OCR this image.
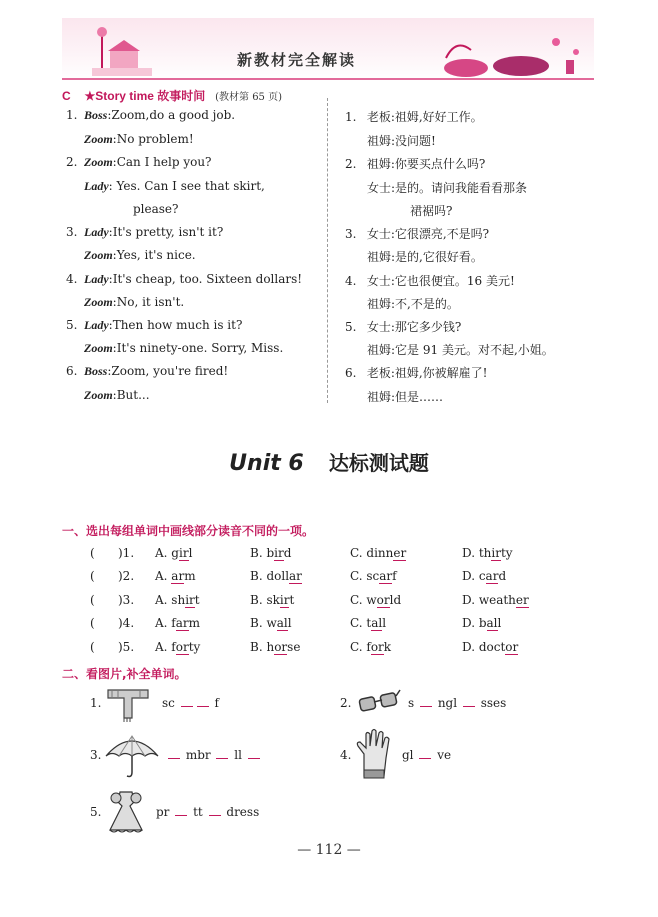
新教材完全解读
C ★Story time 故事时间 (教材第 65 页)
1. Boss:Zoom,do a good job.
Zoom:No problem!
2. Zoom:Can I help you?
Lady: Yes. Can I see that skirt,
please?
3. Lady:It's pretty, isn't it?
Zoom:Yes, it's nice.
4. Lady:It's cheap, too. Sixteen dollars!
Zoom:No, it isn't.
5. Lady:Then how much is it?
Zoom:It's ninety-one. Sorry, Miss.
6. Boss:Zoom, you're fired!
Zoom:But...
1. 老板:祖姆,好好工作。
祖姆:没问题!
2. 祖姆:你要买点什么吗?
女士:是的。请问我能看看那条
裙裾吗?
3. 女士:它很漂亮,不是吗?
祖姆:是的,它很好看。
4. 女士:它也很便宜。16 美元!
祖姆:不,不是的。
5. 女士:那它多少钱?
祖姆:它是 91 美元。对不起,小姐。
6. 老板:祖姆,你被解雇了!
祖姆:但是……
Unit 6 达标测试题
一、选出每组单词中画线部分读音不同的一项。
( )1. A. girl	B. bird	C. dinner	D. thirty
( )2. A. arm	B. dollar	C. scarf	D. card
( )3. A. shirt	B. skirt	C. world	D. weather
( )4. A. farm	B. wall	C. tall	D. ball
( )5. A. forty	B. horse	C. fork	D. doctor
二、看图片,补全单词。
1.	sc	f	2.	s ngl sses
3.	mbr ll	4.	gl ve
5.	pr tt dress
— 112 —
